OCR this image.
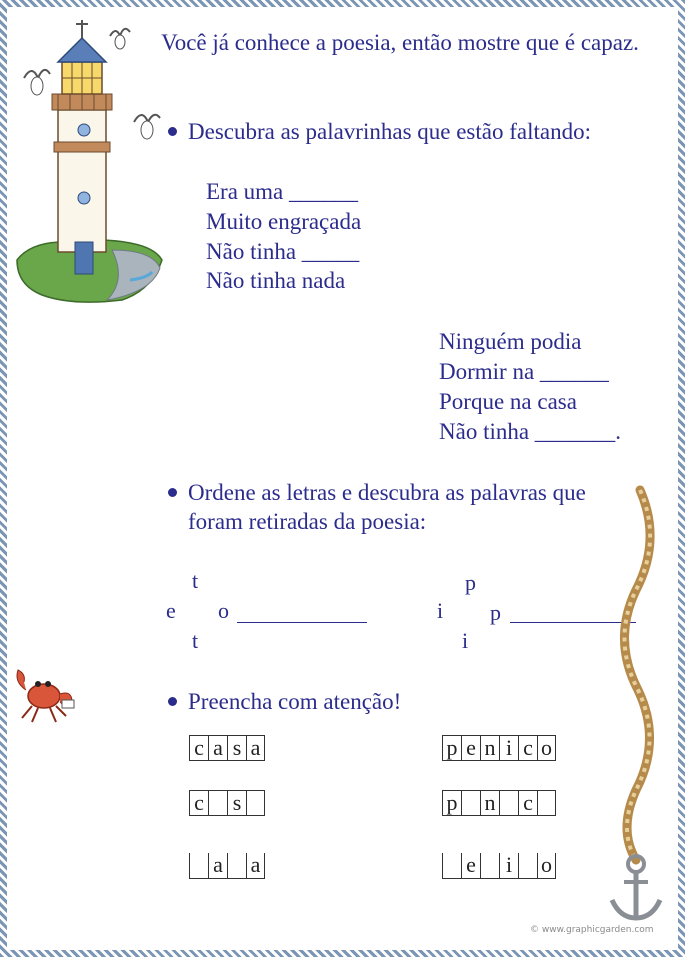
Você já conhece a poesia, então mostre que é capaz.
Descubra as palavrinhas que estão faltando:
Era uma ______
Muito engraçada
Não tinha _____
Não tinha nada
Ninguém podia
Dormir na ______
Porque na casa
Não tinha _______.
Ordene as letras e descubra as palavras que
foram retiradas da poesia:
t
e o
t
p
i p
i
Preencha com atenção!
c a s a
c s
a a
p e n i c o
p n c
e	i o
© www.graphicgarden.com
